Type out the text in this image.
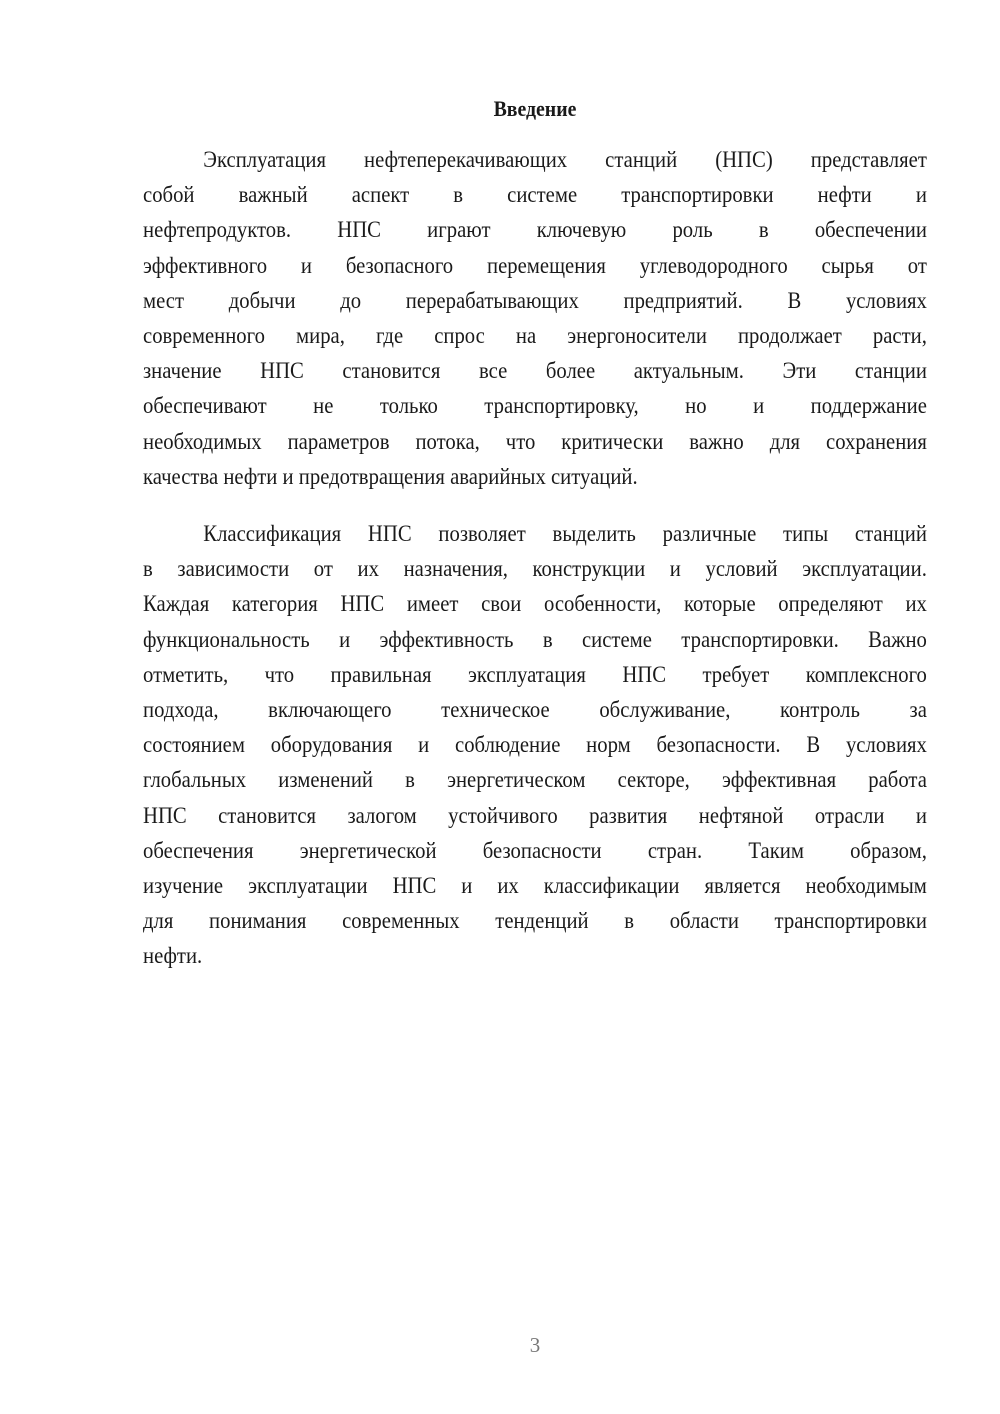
Введение
Эксплуатация нефтеперекачивающих станций (НПС) представляет
собой важный аспект в системе транспортировки нефти и
нефтепродуктов. НПС играют ключевую роль в обеспечении
эффективного и безопасного перемещения углеводородного сырья от
мест добычи до перерабатывающих предприятий. В условиях
современного мира, где спрос на энергоносители продолжает расти,
значение НПС становится все более актуальным. Эти станции
обеспечивают не только транспортировку, но и поддержание
необходимых параметров потока, что критически важно для сохранения
качества нефти и предотвращения аварийных ситуаций.
Классификация НПС позволяет выделить различные типы станций
в зависимости от их назначения, конструкции и условий эксплуатации.
Каждая категория НПС имеет свои особенности, которые определяют их
функциональность и эффективность в системе транспортировки. Важно
отметить, что правильная эксплуатация НПС требует комплексного
подхода, включающего техническое обслуживание, контроль за
состоянием оборудования и соблюдение норм безопасности. В условиях
глобальных изменений в энергетическом секторе, эффективная работа
НПС становится залогом устойчивого развития нефтяной отрасли и
обеспечения энергетической безопасности стран. Таким образом,
изучение эксплуатации НПС и их классификации является необходимым
для понимания современных тенденций в области транспортировки
нефти.
3
